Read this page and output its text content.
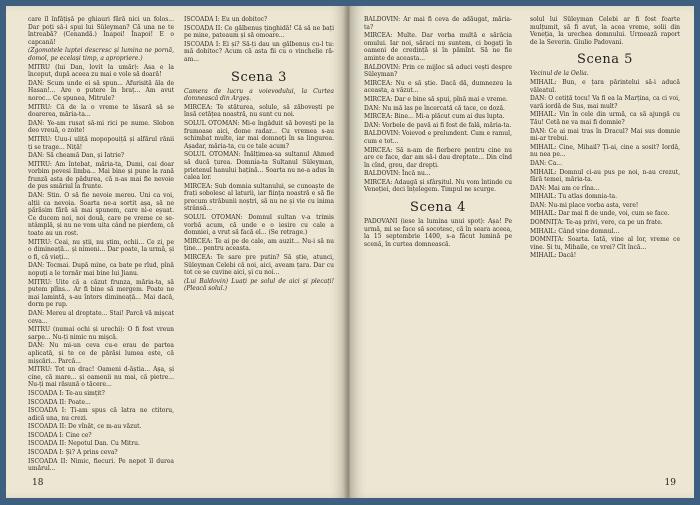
care îl înfățișă pe ghiauri fără nici un folos... Dar poți să-i spui lui Süleyman? Că una ne te întreabă? (Cenandă.) Înapoi! Înapoi! E o capcană!

(Zgomotele luptei descresc și lumina ne pornă, domol, pe ecelași timp, a apropriere.)

MITRU (lui Dan, lovit la umăr): Asa e la început, după aceea zu mai e vole să doară!

DAN: Scum unde ei să spun... Afurisită ăla de Hasan!... Are o putere în braț... Am avut noroc... Ce spunea, Mitrule?

MITRU: Că de la o vreme te lăsară să se doarerea, măria-ta...

DAN: Ye-am rusat să-mi rici pe nume. Slobon deo vreuă, o zoite!

MITRU: Uuu-i uliță mopopouiță și alfărul rănii ți se trage... Niță!

DAN: Să cheamă Dan, și Iatrie?

MITRU: Am întebat, măria-ta, Dumi, cai doar vorbim pevesi limba... Mai bine și pune la rană frunză asta de pădurea, că n-as mai fie nevoie de pus smăriul la frunte.

DAN: Stin. O să fie nevoie mereu. Uni ca voi, alții ca nevoia. Soarta ne-a sortit așa, să ne părăsim fără să mai spunem, care ni-e eșuat. Ce ducem noi, noi două, care pe vreme ce se-ntâmplă, și nu ne vom uita când ne pierdem, că toate au un rost.

MITRU: Ceai, nu știi, nu știm, ochii... Ce zi, pe o dimineață... și nimeni... Dar poate, la urmă, și o fi, că vieți...

DAN: Tocmai. După mine, ca bate pe rîud, pînă nopuți a le tornăr mai bine lui Jianu.

MITRU: Uite că a căzut frunza, măria-ta, să putem plîns... Ar fi bine să mergem. Poate ne mai lamintă, s-au întors dimineață... Mai dacă, dorm pe rup.

DAN: Mereu al dreptate... Stai! Parcă vă mișcat ceva...

MITRU (numai ochi și urechi): O fi fost vreun sarpe... Nu-ți nimic nu mișcă.

DAN: Nu mi-un ceva cu-e erau de partea aplicată, și te ce de părăsi lumea este, că mișcări... Parcă...

MITRU: Tot un drac! Oameni d-ăștia... Așa, și cine, că mare... și oamenii nu mai, că pietre... Nu-ți mai răsună o tăcere...

ISCOADA I: Te-au simțit?

ISCOADA II: Poate...

ISCOADA I: Ți-am spus că latra ne ctitoru, adică una, nu crezi.

ISCOADA II: De vînăt, ce m-au văzut.

ISCOADA I: Cine ce?

ISCOADA II: Nepotul Dan. Cu Mitru.

ISCOADA I: Și? A prins ceva?

ISCOADA II: Nimic, fiecuri. Pe nepot îl durea umărul...

ISCOADA I: Eu un dobitoc?

ISCOADA II: Ce gălbenuș ținghidă! Că să ne bați pe mine, pateaum și să omoare...

ISCOADA I: Ei și? Să-ți dau un gălbenuș cu-l tu: mă dobitoc? Acum că asta fii cu o vinchelie ră-am...

Scena 3

Camera de lucru a voievodului, la Curtea domnească din Argeș.

MIRCEA: Te stăturea, solule, să zăbovești pe însă cetățea noastră, nu sunt cu noi.

SOLUL OTOMAN: Mi-e îngăduit să bovești pe la frumoase aici, dome radar... Cu vremea s-au schimbat multe, iar mai domneți în sa lingurea. Așadar, măria-ta, cu ce tale acum?

SOLUL OTOMAN: Înălțimea-sa sultanul Ahmed să ducă țurea. Domnia-ta Sultanul Süleyman, prietenul hanului hațină... Soarta nu ne-a adus în calea lor.

MIRCEA: Sub domnia sultanului, se cunoaște de frați sobolesc al laturii, iar ființa noastră e să fie precum străbunii noștri, să nu ne și vie cu inima strânsă...

SOLUL OTOMAN: Domnul sultan v-a trimis vorbă acum, că unde e o iesire cu cale a domniei, a vrut să facă el... (Se retrage.)

MIRCEA: Te ai pe de cale, am auzit... Nu-i să nu ține... pentru aceasta.

MIRCEA: Te sare pre putin? Să știe, atunci, Süleyman Celebi că noi, aici, aveam țara. Dar cu tot ce se cuvine aici, și cu noi...

(Lui Baldovin) Luați pe solul de aici și plecați! (Pleacă solul.)

18

BALDOVIN: Ar mai fi ceva de adăugat, măria-ta?

MIRCEA: Multe. Dar vorba multă e sărăcia omului. Iar noi, săraci nu suntem, ci bogați în oameni de credință și în pămînt. Să ne fie aminte de aceasta...

BALDOVIN: Prin ce mijloc să aduci vești despre Süleyman?

MIRCEA: Nu e să știe. Dacă dă, dumnezeu la aceasta, a văzut...

MIRCEA: Dar e bine să spui, pînă mai e vreme.

DAN: Nu mă las pe încercată că tace, ce doză.

MIRCEA: Bine... Mi-a plăcut cum ai dus lupta.

DAN: Vorbele de pavă ai fi fost de fală, măria-ta.

BALDOVIN: Voievod e prelundent. Cum e ramul, cum e tot...

MIRCEA: Să n-am de fierbere pentru cine nu are ce face, dar am să-i dau dreptate... Din cînd în cînd, greu, dar drepți.

BALDOVIN: Încă nu...

MIRCEA: Adaugă și sfârșitul. Nu vom întinde cu Veneției, deci înțelegem. Timpul ne scurge.

Scena 4

PADOVANI (iese la lumina unui spot): Așa! Pe urmă, mi se face să socotesc, că în seara aceea, la 15 septembrie 1400, s-a făcut lumină pe scenă, în curtea domnească.

solul lui Süleyman Celebi ar fi fost foarte mulțumit, să fi avut, la acea vreme, solii din Veneția, la urechea domnului. Urmează raport de la Severin. Giulio Padovani.

Scena 5

Vecinul de la Oelia.

MIHAIL: Bun, e țara părintelui să-i aducă văleatul.

DAN: O cetiță tocu! Va fi ea la Marțina, ca ci voi, vară iordă de Sus, mai mult?

MIHAIL: Vin în cele din urmă, ca să ajungă cu Tău! Cetă ne va mai fi domnie?

DAN: Ce ai mai tras în Dracul? Mai sus domnie mi-ar trebui.

MIHAIL: Cine, Mihail? Ți-ai, cine a sosit? Iordă, nu nea pe...

DAN: Ca...

MIHAIL: Domnul ci-au pus pe noi, n-au crezut, fără temei, măria-ta.

DAN: Mai am ce rîna...

MIHAIL: Tu atlas domnia-ta.

DAN: Nu-mi place vorba asta, vere!

MIHAIL: Dar mai fi de unde, voi, cum se face.

DOMNIȚA: Te-aș privi, vere, ca pe un frate.

MIHAIL: Când vine domnul...

DOMNIȚA: Soarta. Iată, vine al lor, vreme ce vine. Și tu, Mihaile, ce vrei? Cît încă...

MIHAIL: Dacă!

19
